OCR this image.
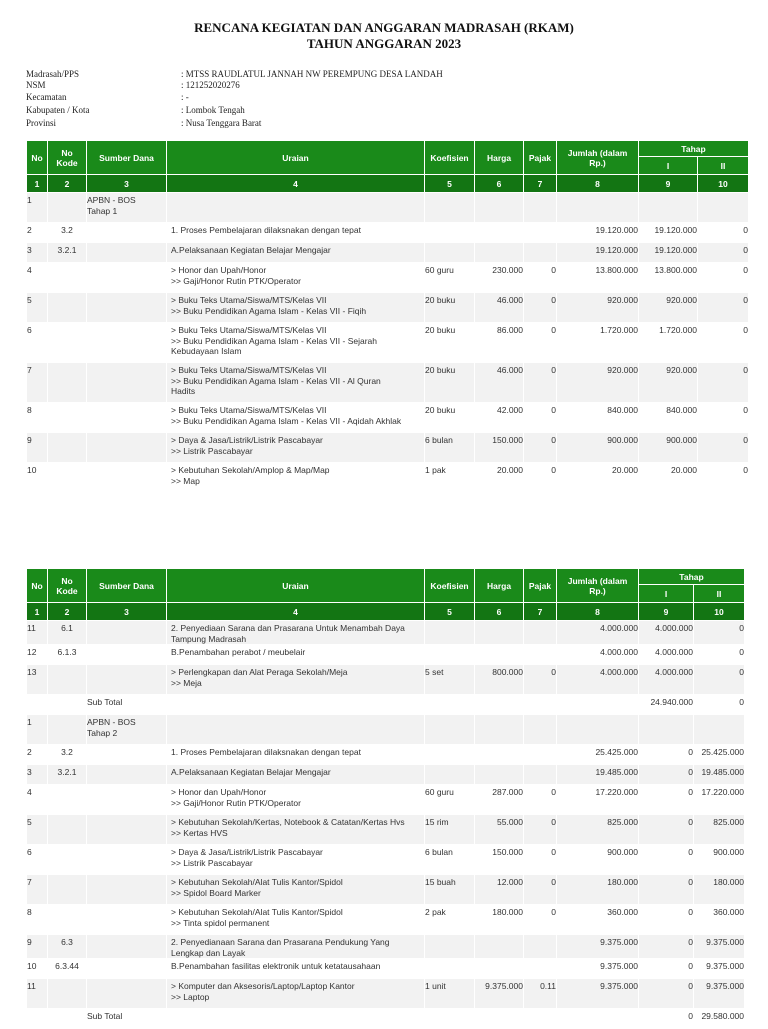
RENCANA KEGIATAN DAN ANGGARAN MADRASAH (RKAM)
TAHUN ANGGARAN 2023
Madrasah/PPS	: MTSS RAUDLATUL JANNAH NW PEREMPUNG DESA LANDAH
NSM	: 121252020276
Kecamatan	: -
Kabupaten / Kota	: Lombok Tengah
Provinsi	: Nusa Tenggara Barat
No	No
Kode	Sumber Dana	Uraian	Koefisien	Harga	Pajak	Jumlah (dalam
Rp.)	Tahap	
								I	II
1	2	3	4	5	6	7	8	9	10
1		APBN - BOS
Tahap 1							

2	3.2		1. Proses Pembelajaran dilaksnakan dengan tepat				19.120.000	19.120.000	0
3	3.2.1		A.Pelaksanaan Kegiatan Belajar Mengajar				19.120.000	19.120.000	0
4			> Honor dan Upah/Honor
>> Gaji/Honor Rutin PTK/Operator	60 guru	230.000	0	13.800.000	13.800.000	0
5			> Buku Teks Utama/Siswa/MTS/Kelas VII
>> Buku Pendidikan Agama Islam - Kelas VII - Fiqih	20 buku	46.000	0	920.000	920.000	0
6			> Buku Teks Utama/Siswa/MTS/Kelas VII
>> Buku Pendidikan Agama Islam - Kelas VII - Sejarah
Kebudayaan Islam	20 buku	86.000	0	1.720.000	1.720.000	0
7			> Buku Teks Utama/Siswa/MTS/Kelas VII
>> Buku Pendidikan Agama Islam - Kelas VII - Al Quran
Hadits	20 buku	46.000	0	920.000	920.000	0
8			> Buku Teks Utama/Siswa/MTS/Kelas VII
>> Buku Pendidikan Agama Islam - Kelas VII - Aqidah Akhlak	20 buku	42.000	0	840.000	840.000	0
9			> Daya & Jasa/Listrik/Listrik Pascabayar
>> Listrik Pascabayar	6 bulan	150.000	0	900.000	900.000	0
10			> Kebutuhan Sekolah/Amplop & Map/Map
>> Map	1 pak	20.000	0	20.000	20.000	0
No	No
Kode	Sumber Dana	Uraian	Koefisien	Harga	Pajak	Jumlah (dalam
Rp.)	Tahap	
								I	II
1	2	3	4	5	6	7	8	9	10
11	6.1		2. Penyediaan Sarana dan Prasarana Untuk Menambah Daya Tampung Madrasah				4.000.000	4.000.000	0
12	6.1.3		B.Penambahan perabot / meubelair				4.000.000	4.000.000	0
13			> Perlengkapan dan Alat Peraga Sekolah/Meja
>> Meja	5 set	800.000	0	4.000.000	4.000.000	0

		Sub Total						24.940.000	0
1		APBN - BOS
Tahap 2							

2	3.2		1. Proses Pembelajaran dilaksnakan dengan tepat				25.425.000	0	25.425.000
3	3.2.1		A.Pelaksanaan Kegiatan Belajar Mengajar				19.485.000	0	19.485.000
4			> Honor dan Upah/Honor
>> Gaji/Honor Rutin PTK/Operator	60 guru	287.000	0	17.220.000	0	17.220.000
5			> Kebutuhan Sekolah/Kertas, Notebook & Catatan/Kertas Hvs
>> Kertas HVS	15 rim	55.000	0	825.000	0	825.000
6			> Daya & Jasa/Listrik/Listrik Pascabayar
>> Listrik Pascabayar	6 bulan	150.000	0	900.000	0	900.000
7			> Kebutuhan Sekolah/Alat Tulis Kantor/Spidol
>> Spidol Board Marker	15 buah	12.000	0	180.000	0	180.000
8			> Kebutuhan Sekolah/Alat Tulis Kantor/Spidol
>> Tinta spidol permanent	2 pak	180.000	0	360.000	0	360.000
9	6.3		2. Penyedianaan Sarana dan Prasarana Pendukung Yang Lengkap dan Layak				9.375.000	0	9.375.000
10	6.3.44		B.Penambahan fasilitas elektronik untuk ketatausahaan				9.375.000	0	9.375.000
11			> Komputer dan Aksesoris/Laptop/Laptop Kantor
>> Laptop	1 unit	9.375.000	0.11	9.375.000	0	9.375.000

		Sub Total						0	29.580.000
